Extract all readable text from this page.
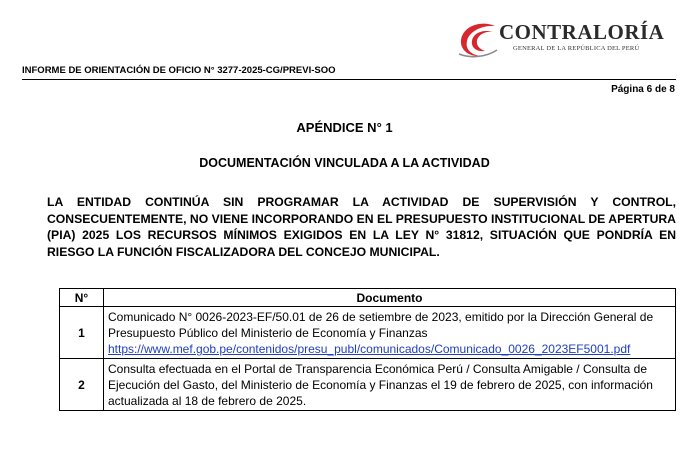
CONTRALORÍA
GENERAL DE LA REPÚBLICA DEL PERÚ
INFORME DE ORIENTACIÓN DE OFICIO N° 3277-2025-CG/PREVI-SOO
Página 6 de 8
APÉNDICE N° 1
DOCUMENTACIÓN VINCULADA A LA ACTIVIDAD
LA ENTIDAD CONTINÚA SIN PROGRAMAR LA ACTIVIDAD DE SUPERVISIÓN Y CONTROL, CONSECUENTEMENTE, NO VIENE INCORPORANDO EN EL PRESUPUESTO INSTITUCIONAL DE APERTURA (PIA) 2025 LOS RECURSOS MÍNIMOS EXIGIDOS EN LA LEY N° 31812, SITUACIÓN QUE PONDRÍA EN RIESGO LA FUNCIÓN FISCALIZADORA DEL CONCEJO MUNICIPAL.
N°	Documento
1	Comunicado N° 0026-2023-EF/50.01 de 26 de setiembre de 2023, emitido por la Dirección General de Presupuesto Público del Ministerio de Economía y Finanzas
https://www.mef.gob.pe/contenidos/presu_publ/comunicados/Comunicado_0026_2023EF5001.pdf
2	Consulta efectuada en el Portal de Transparencia Económica Perú / Consulta Amigable / Consulta de Ejecución del Gasto, del Ministerio de Economía y Finanzas el 19 de febrero de 2025, con información actualizada al 18 de febrero de 2025.
